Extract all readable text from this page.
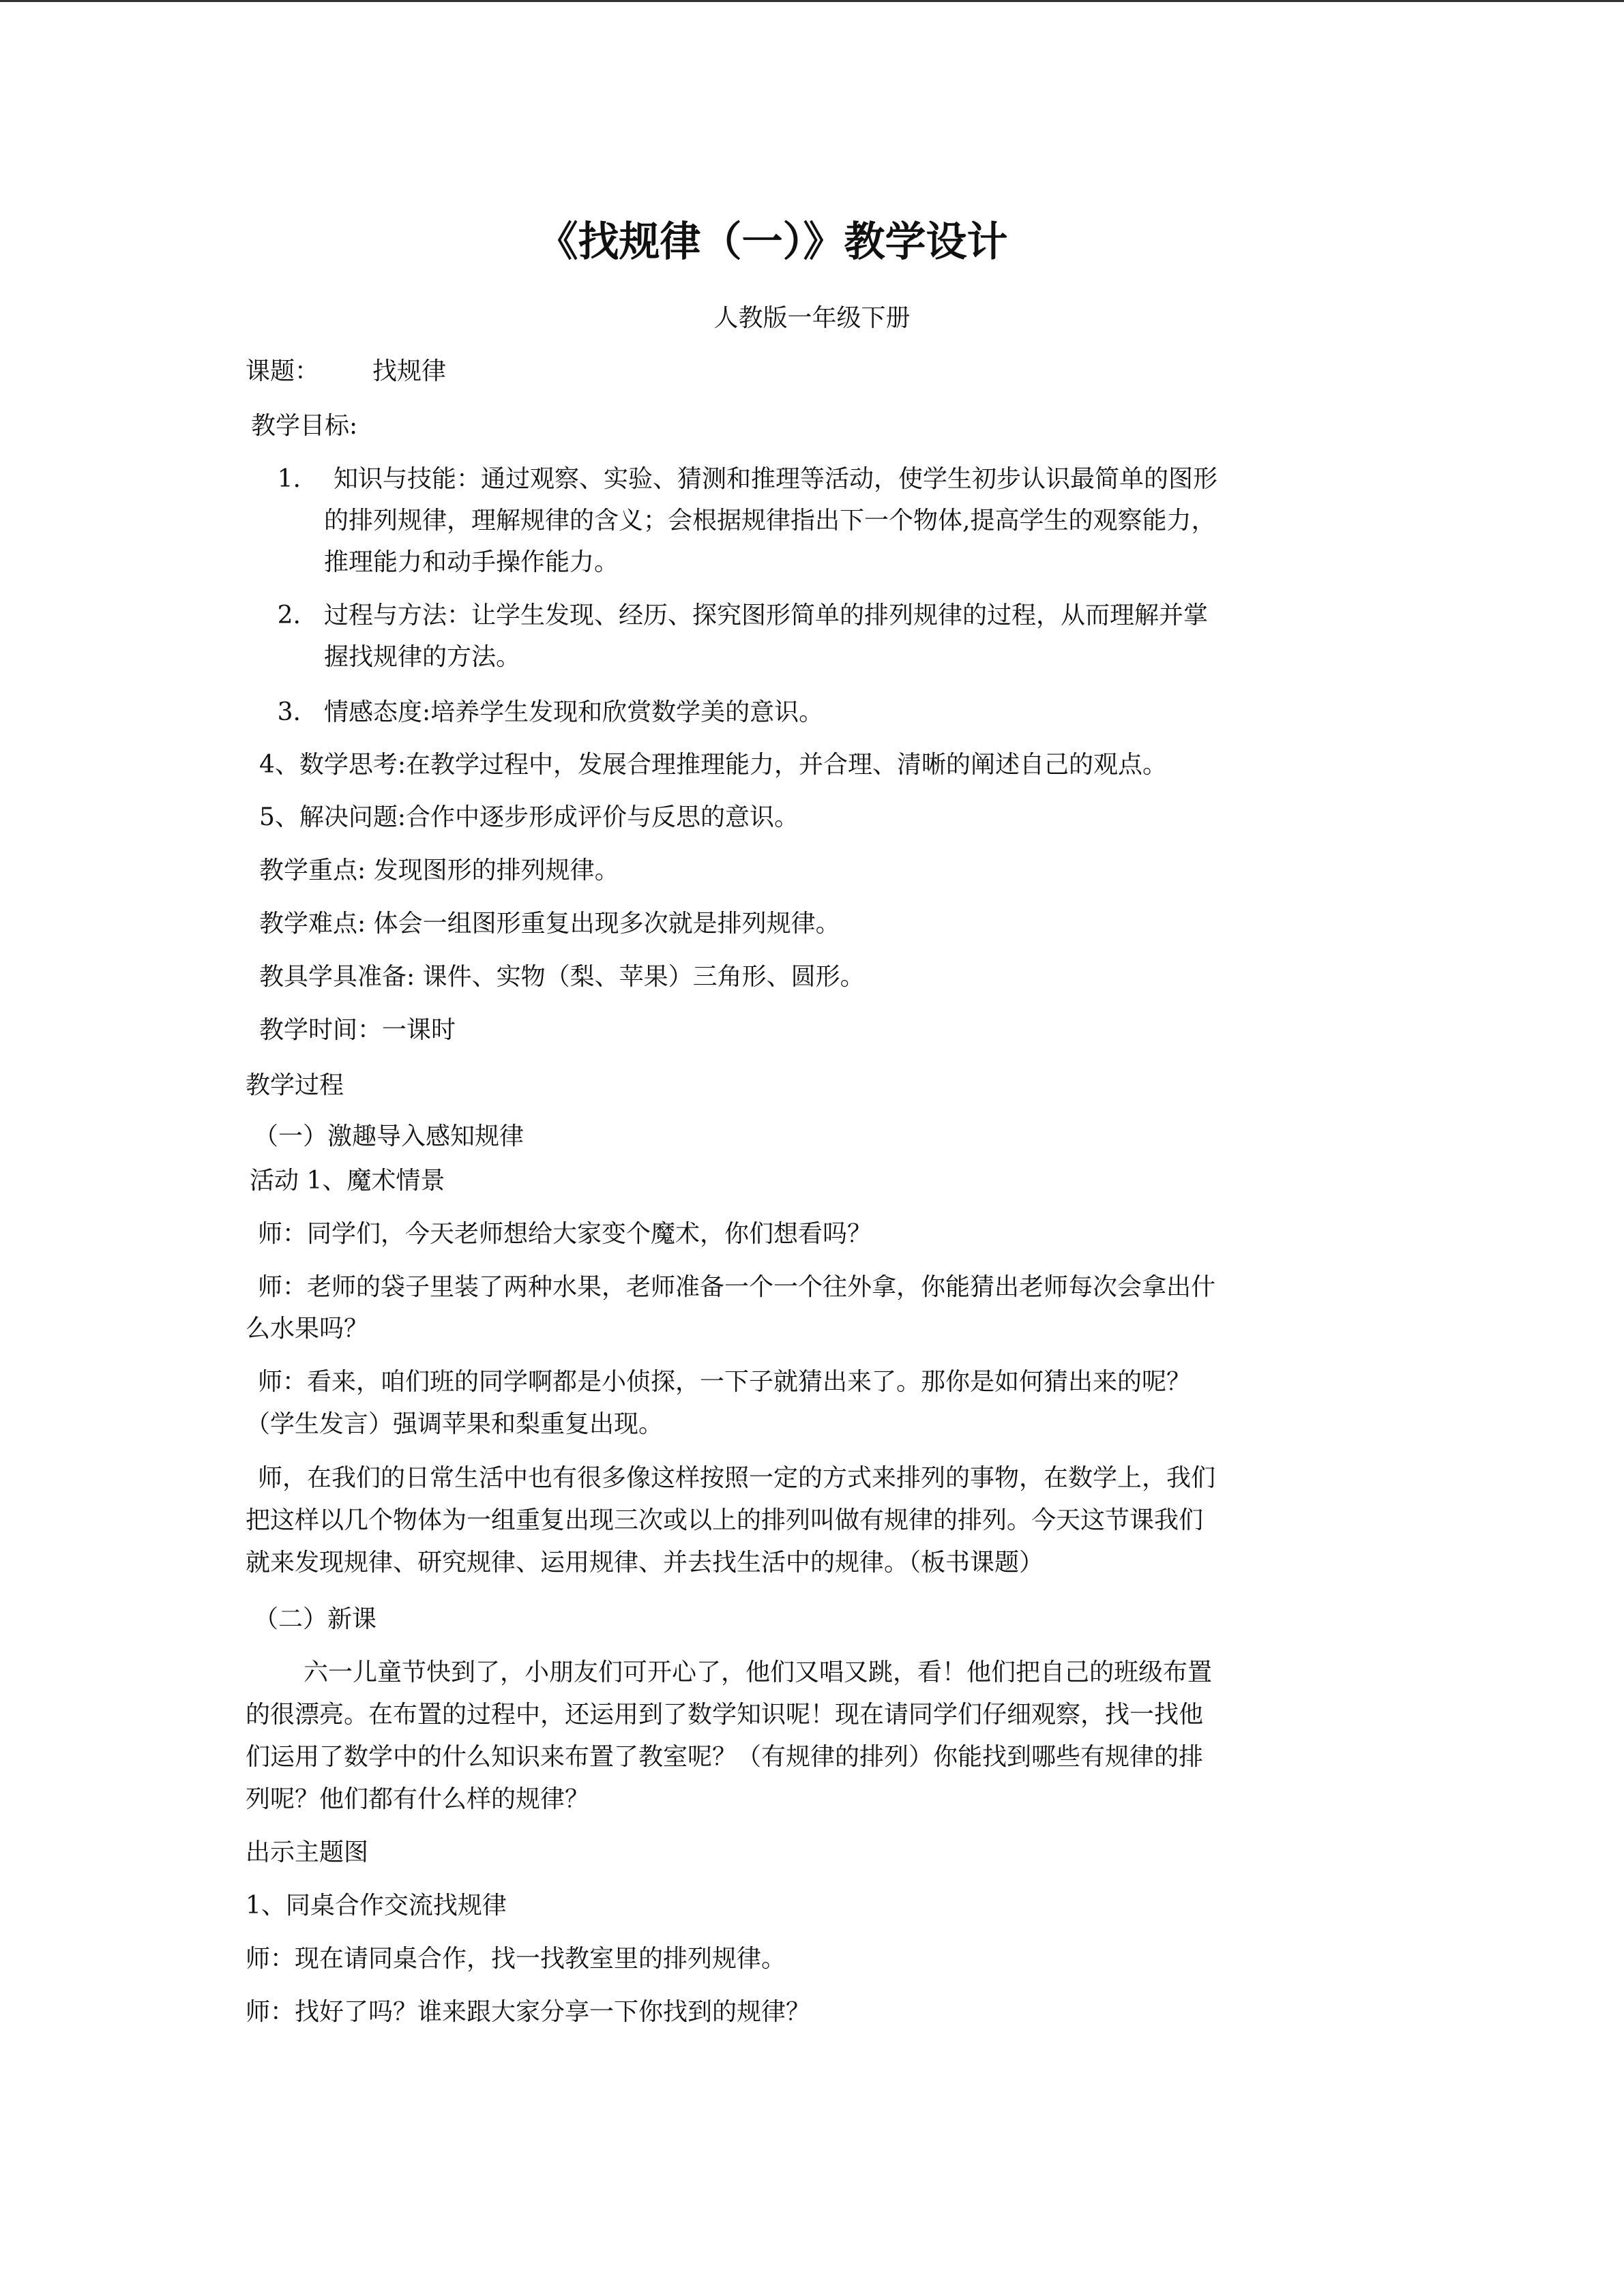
《找规律（一）》教学设计
人教版一年级下册
课题： 找规律
教学目标:
1. 知识与技能：通过观察、实验、猜测和推理等活动，使学生初步认识最简单的图形
的排列规律，理解规律的含义；会根据规律指出下一个物体,提高学生的观察能力，
推理能力和动手操作能力。
2. 过程与方法：让学生发现、经历、探究图形简单的排列规律的过程，从而理解并掌
握找规律的方法。
3. 情感态度:培养学生发现和欣赏数学美的意识。
4、数学思考:在教学过程中，发展合理推理能力，并合理、清晰的阐述自己的观点。
5、解决问题:合作中逐步形成评价与反思的意识。
教学重点: 发现图形的排列规律。
教学难点: 体会一组图形重复出现多次就是排列规律。
教具学具准备: 课件、实物（梨、苹果）三角形、圆形。
教学时间：一课时
教学过程
（一）激趣导入感知规律
活动 1、魔术情景
师：同学们，今天老师想给大家变个魔术，你们想看吗？
师：老师的袋子里装了两种水果，老师准备一个一个往外拿，你能猜出老师每次会拿出什
么水果吗？
师：看来，咱们班的同学啊都是小侦探，一下子就猜出来了。那你是如何猜出来的呢？
（学生发言）强调苹果和梨重复出现。
师，在我们的日常生活中也有很多像这样按照一定的方式来排列的事物，在数学上，我们
把这样以几个物体为一组重复出现三次或以上的排列叫做有规律的排列。今天这节课我们
就来发现规律、研究规律、运用规律、并去找生活中的规律。（板书课题）
（二）新课
六一儿童节快到了，小朋友们可开心了，他们又唱又跳，看！他们把自己的班级布置
的很漂亮。在布置的过程中，还运用到了数学知识呢！现在请同学们仔细观察，找一找他
们运用了数学中的什么知识来布置了教室呢？（有规律的排列）你能找到哪些有规律的排
列呢？他们都有什么样的规律？
出示主题图
1、同桌合作交流找规律
师：现在请同桌合作，找一找教室里的排列规律。
师：找好了吗？谁来跟大家分享一下你找到的规律？
